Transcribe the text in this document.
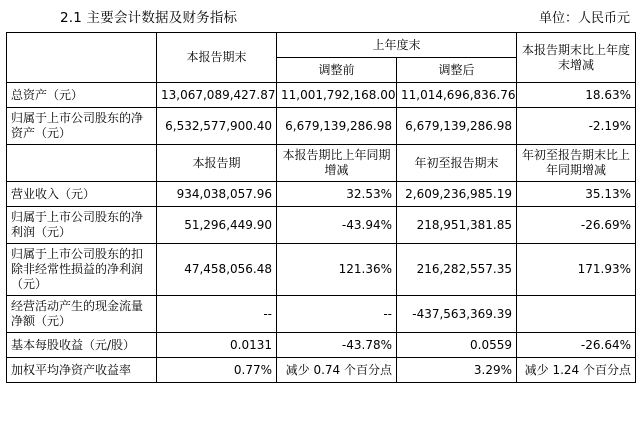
2.1 主要会计数据及财务指标	单位：人民币元
	本报告期末	上年度末		本报告期末比上年度末增减
		调整前	调整后	
总资产（元）	13,067,089,427.87	11,001,792,168.00	11,014,696,836.76	18.63%
归属于上市公司股东的净资产（元）	6,532,577,900.40	6,679,139,286.98	6,679,139,286.98	-2.19%
	本报告期	本报告期比上年同期增减	年初至报告期末	年初至报告期末比上年同期增减
营业收入（元）	934,038,057.96	32.53%	2,609,236,985.19	35.13%
归属于上市公司股东的净利润（元）	51,296,449.90	-43.94%	218,951,381.85	-26.69%
归属于上市公司股东的扣除非经常性损益的净利润（元）	47,458,056.48	121.36%	216,282,557.35	171.93%
经营活动产生的现金流量净额（元）	--	--	-437,563,369.39	
基本每股收益（元/股）	0.0131	-43.78%	0.0559	-26.64%
加权平均净资产收益率	0.77%	减少 0.74 个百分点	3.29%	减少 1.24 个百分点
